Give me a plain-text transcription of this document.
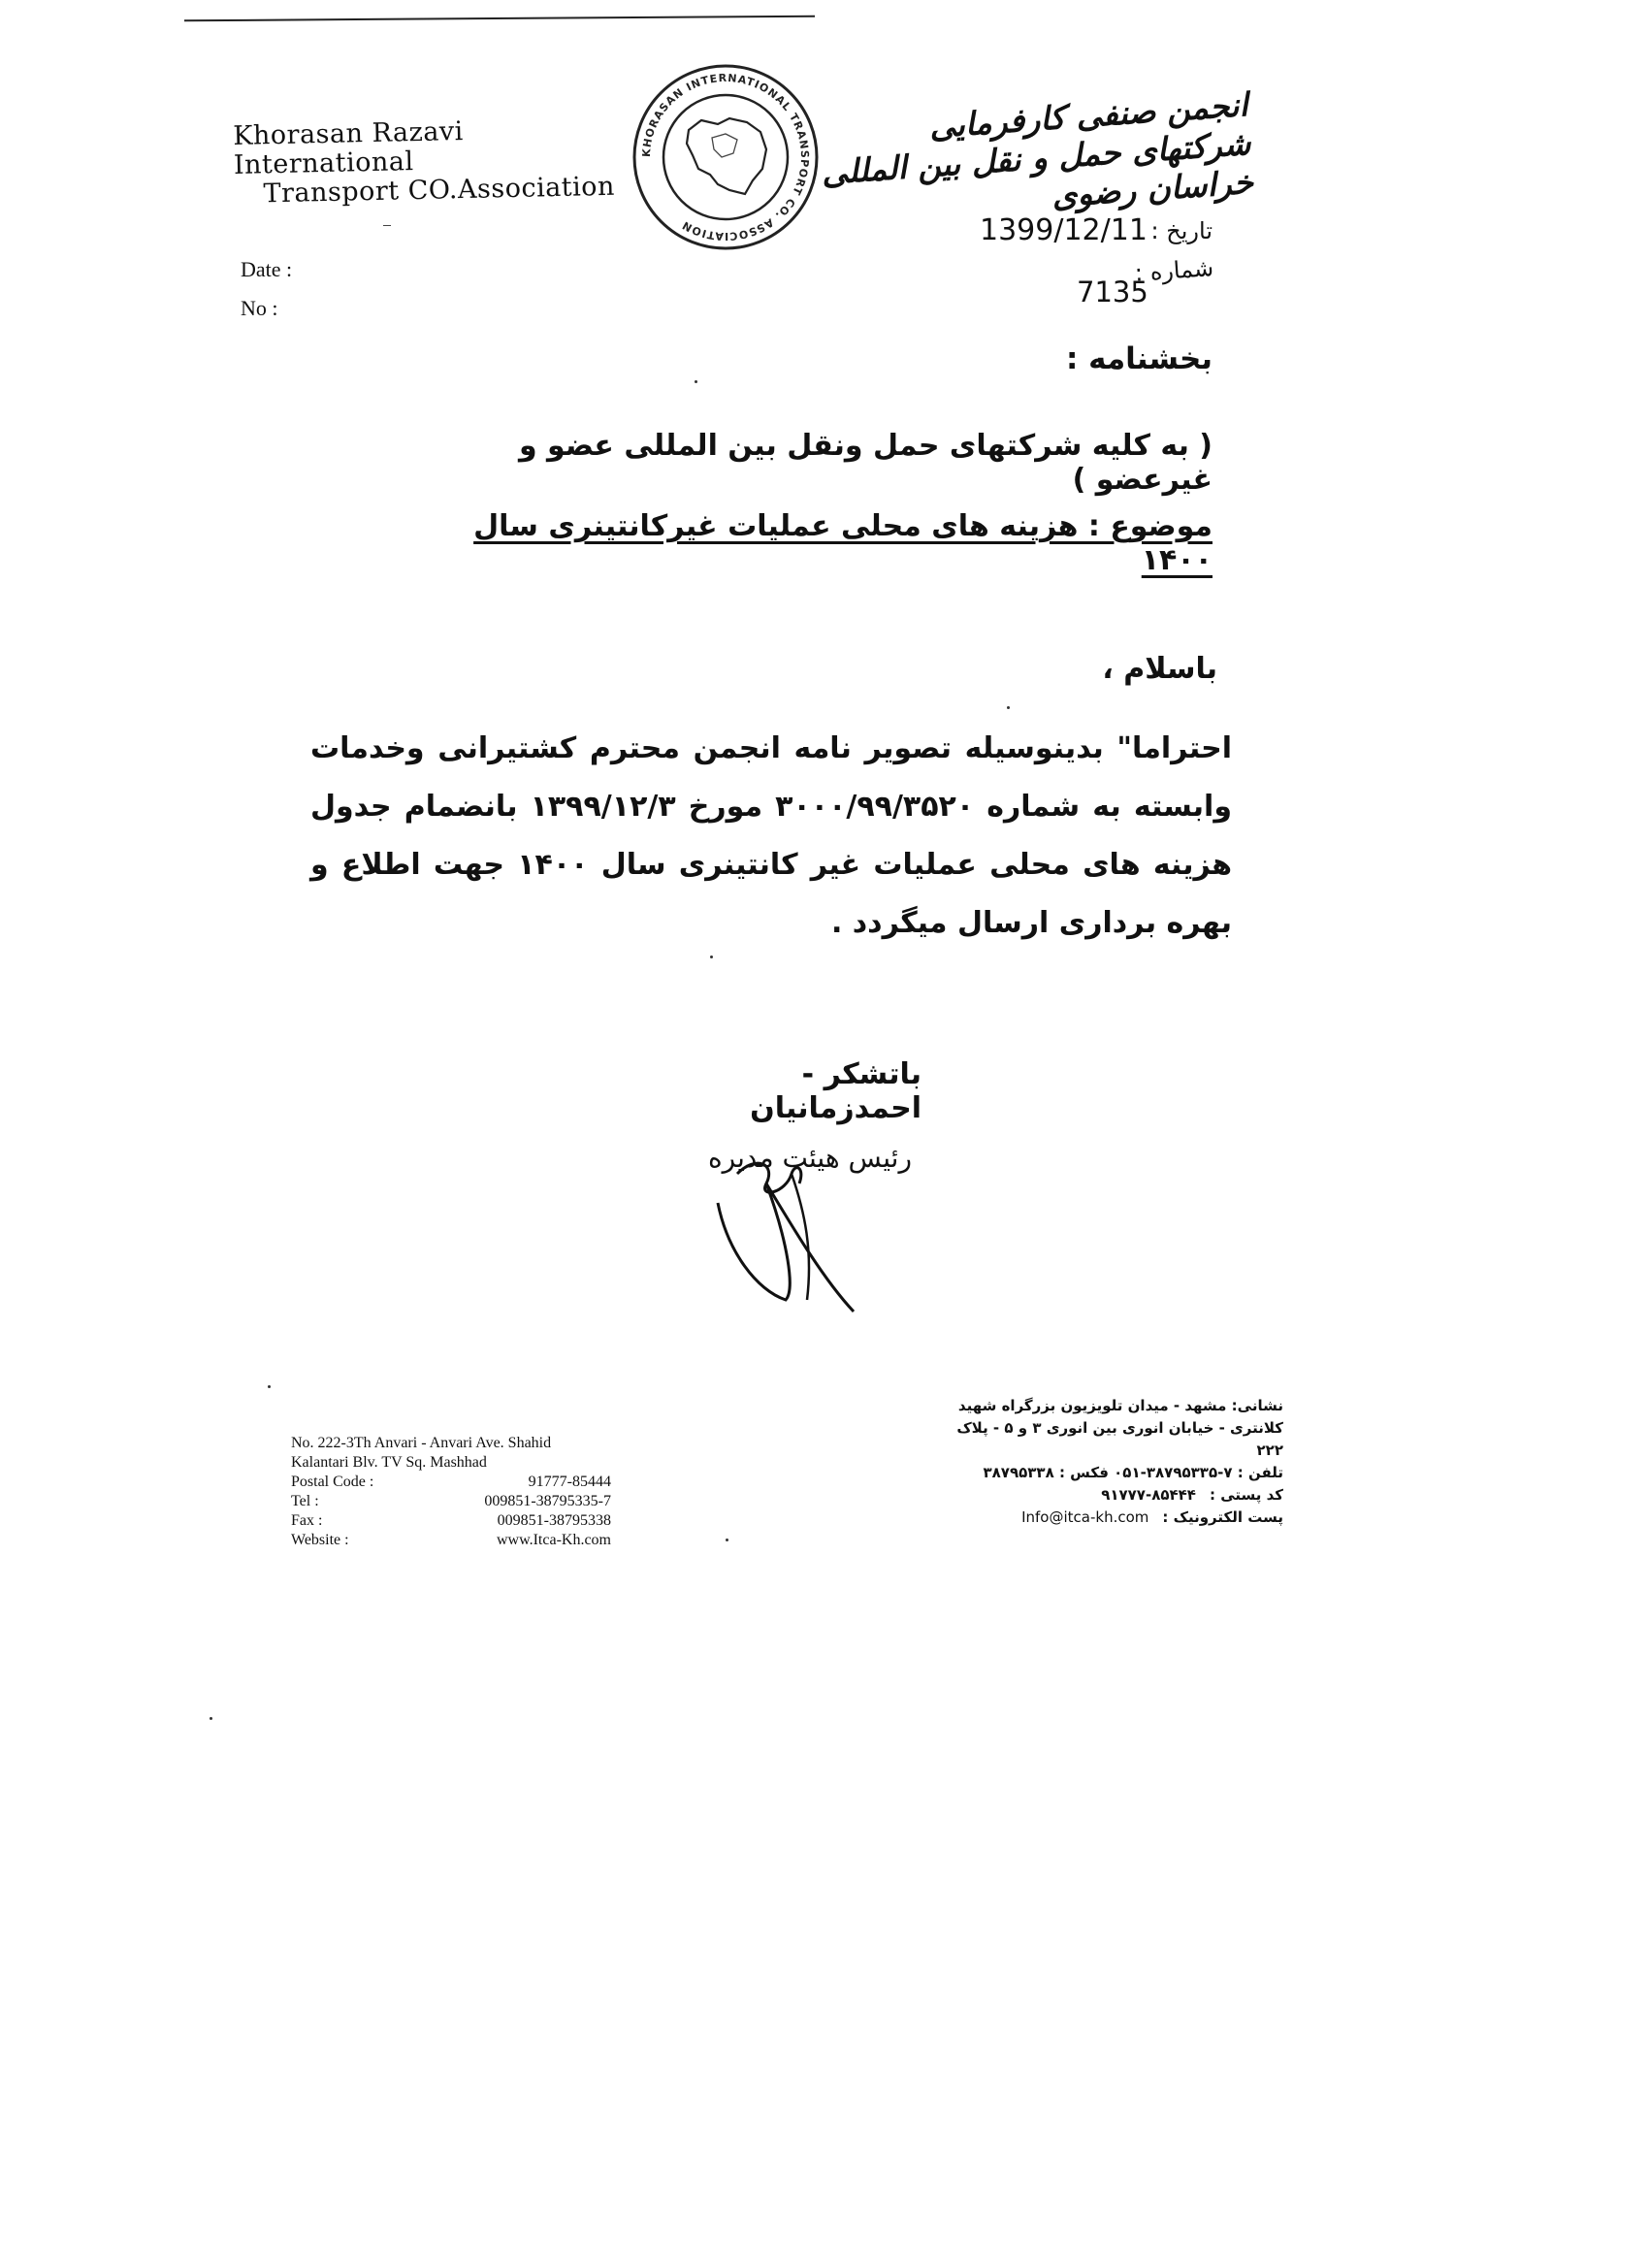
Khorasan Razavi International
Transport CO.Association
KHORASAN INTERNATIONAL TRANSPORT CO. ASSOCIATION
انجمن صنفی کارفرمایی شرکتهای حمل و نقل بین المللی خراسان رضوی
Date :
No :
تاریخ :
1399/12/11
شماره :
7135
بخشنامه :
( به کلیه شرکتهای حمل ونقل بین المللی عضو و غیرعضو )
موضوع : هزینه های محلی عملیات غیرکانتینری سال ۱۴۰۰
باسلام ،
احتراما" بدینوسیله تصویر نامه انجمن محترم کشتیرانی وخدمات وابسته به شماره ۳۰۰۰/۹۹/۳۵۲۰ مورخ ۱۳۹۹/۱۲/۳ بانضمام جدول هزینه های محلی عملیات غیر کانتینری سال ۱۴۰۰ جهت اطلاع و بهره برداری ارسال میگردد .
باتشکر - احمدزمانیان
رئیس هیئت مدیره
No. 222-3Th Anvari - Anvari Ave. Shahid
Kalantari Blv. TV Sq. Mashhad
Postal Code :	91777-85444
Tel :	009851-38795335-7
Fax :	009851-38795338
Website :	www.Itca-Kh.com
نشانی: مشهد - میدان تلویزیون بزرگراه شهید
کلانتری - خیابان انوری بین انوری ۳ و ۵ - پلاک ۲۲۲
تلفن : ۷-۳۸۷۹۵۳۳۵-۰۵۱ فکس : ۳۸۷۹۵۳۳۸
کد پستی :
۹۱۷۷۷-۸۵۴۴۴
پست الکترونیک :
Info@itca-kh.com
